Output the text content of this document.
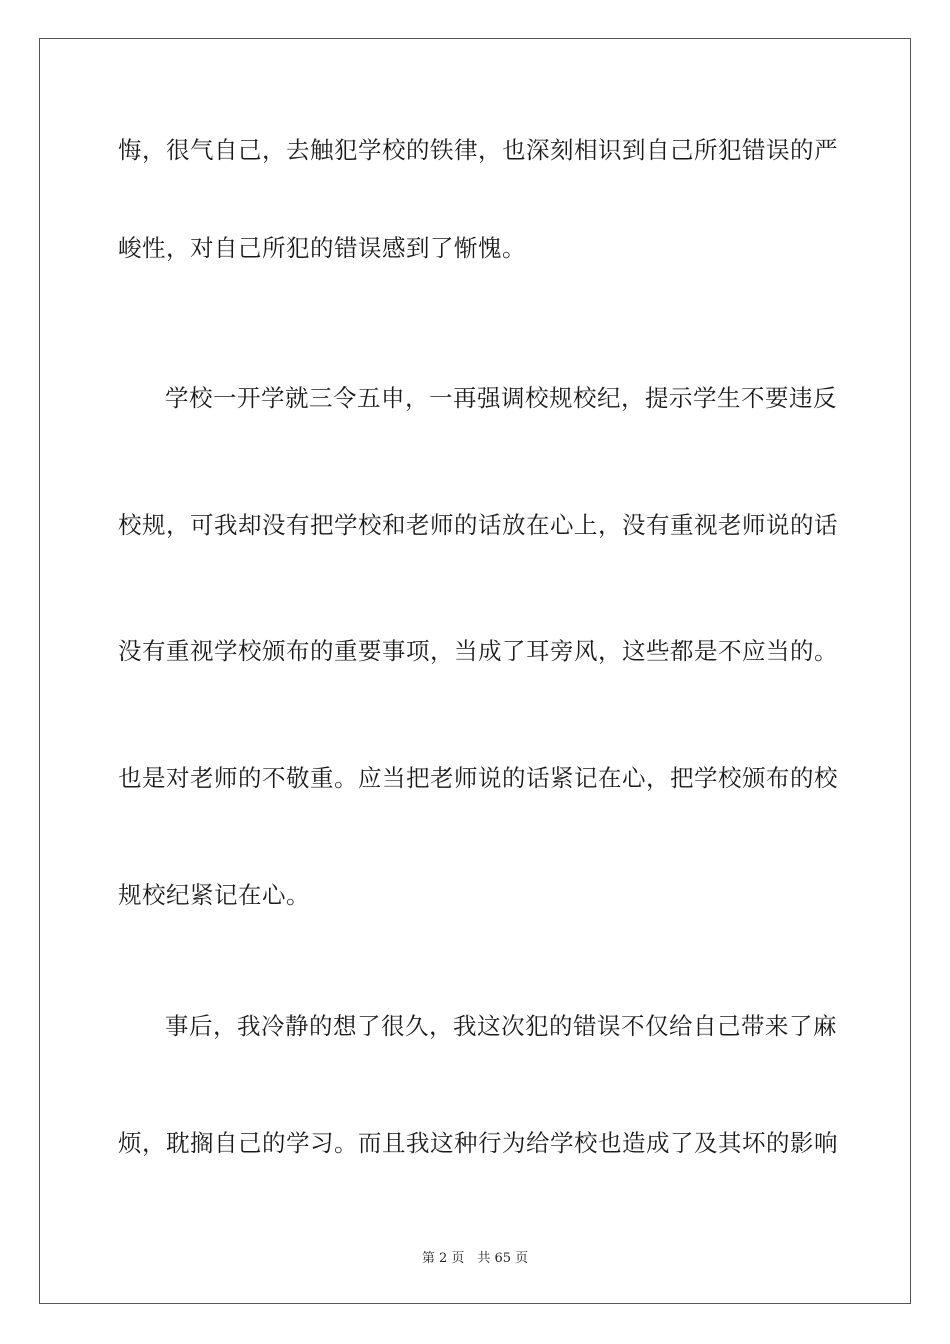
悔，很气自己，去触犯学校的铁律，也深刻相识到自己所犯错误的严
峻性，对自己所犯的错误感到了惭愧。
学校一开学就三令五申，一再强调校规校纪，提示学生不要违反
校规，可我却没有把学校和老师的话放在心上，没有重视老师说的话
没有重视学校颁布的重要事项，当成了耳旁风，这些都是不应当的。
也是对老师的不敬重。应当把老师说的话紧记在心，把学校颁布的校
规校纪紧记在心。
事后，我冷静的想了很久，我这次犯的错误不仅给自己带来了麻
烦，耽搁自己的学习。而且我这种行为给学校也造成了及其坏的影响
第 2 页　共 65 页
